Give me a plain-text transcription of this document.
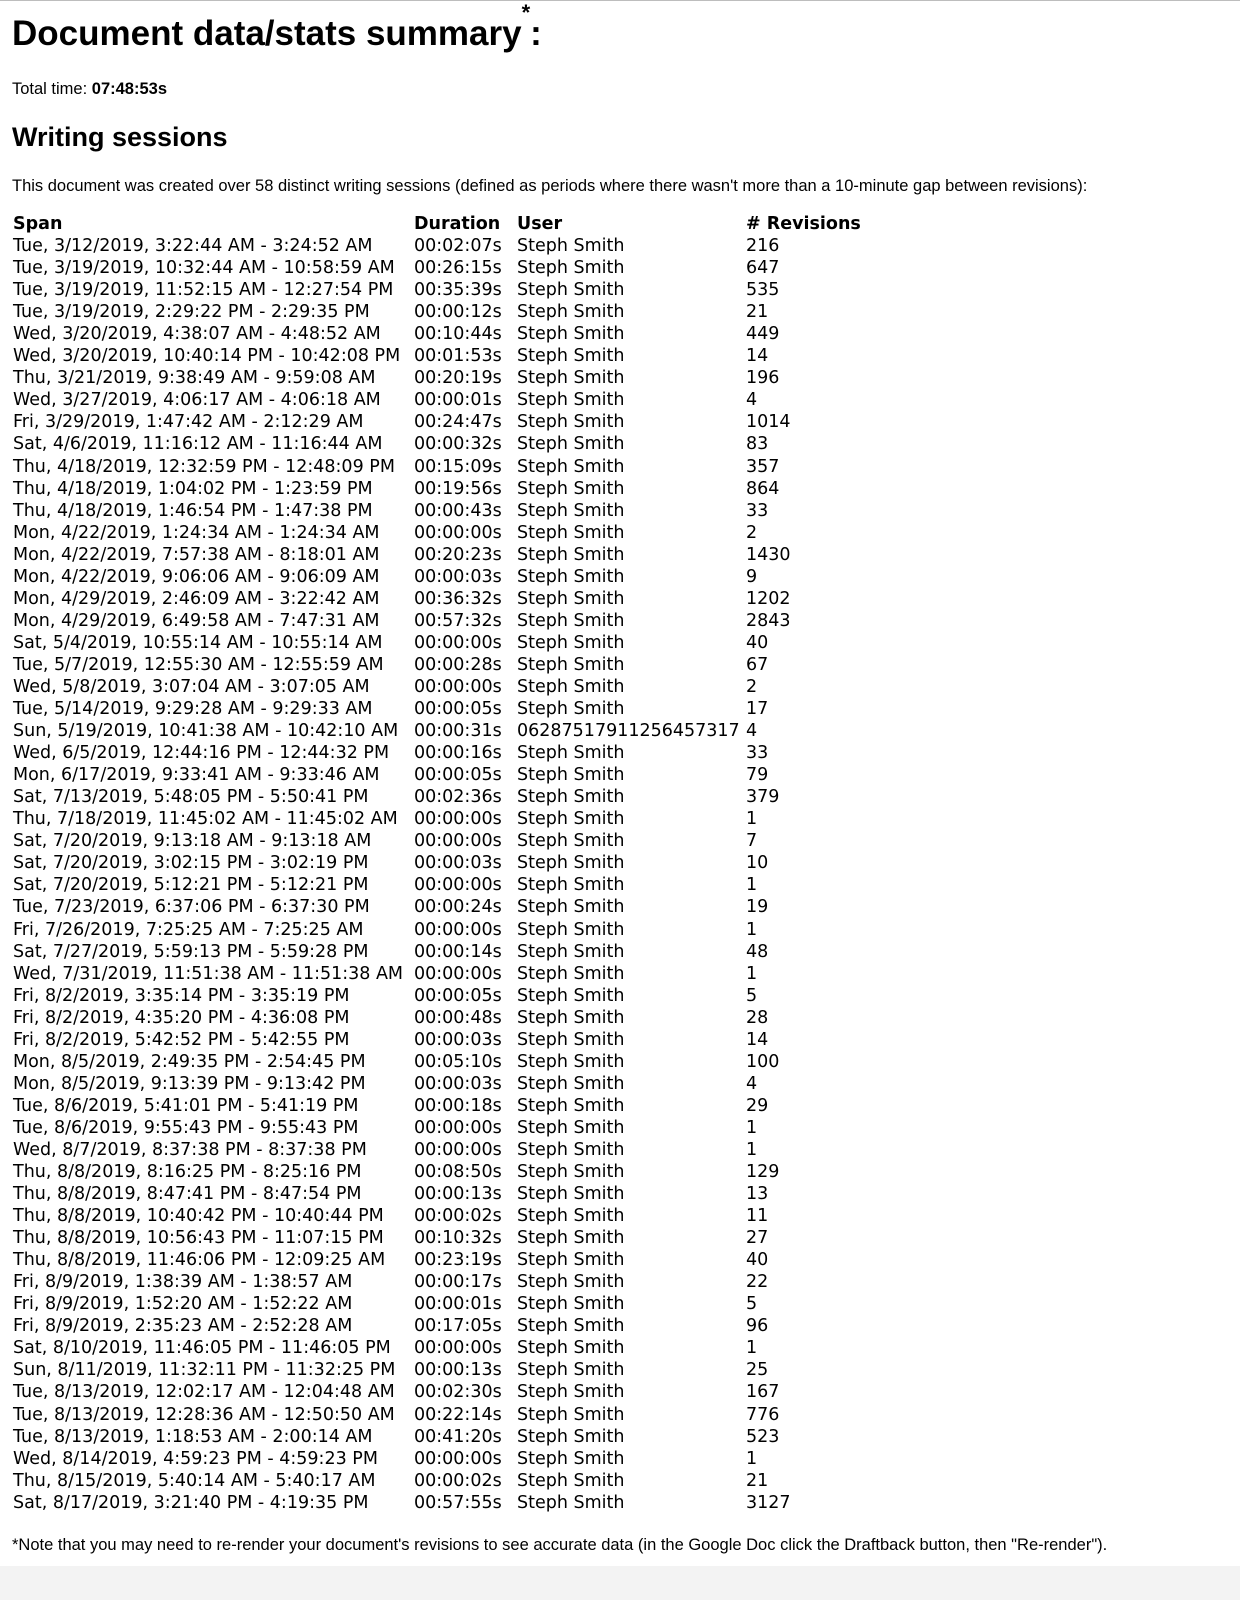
Document data/stats summary*:
Total time: 07:48:53s
Writing sessions
This document was created over 58 distinct writing sessions (defined as periods where there wasn't more than a 10-minute gap between revisions):
Span	Duration	User	# Revisions
Tue, 3/12/2019, 3:22:44 AM - 3:24:52 AM	00:02:07s	Steph Smith	216
Tue, 3/19/2019, 10:32:44 AM - 10:58:59 AM	00:26:15s	Steph Smith	647
Tue, 3/19/2019, 11:52:15 AM - 12:27:54 PM	00:35:39s	Steph Smith	535
Tue, 3/19/2019, 2:29:22 PM - 2:29:35 PM	00:00:12s	Steph Smith	21
Wed, 3/20/2019, 4:38:07 AM - 4:48:52 AM	00:10:44s	Steph Smith	449
Wed, 3/20/2019, 10:40:14 PM - 10:42:08 PM	00:01:53s	Steph Smith	14
Thu, 3/21/2019, 9:38:49 AM - 9:59:08 AM	00:20:19s	Steph Smith	196
Wed, 3/27/2019, 4:06:17 AM - 4:06:18 AM	00:00:01s	Steph Smith	4
Fri, 3/29/2019, 1:47:42 AM - 2:12:29 AM	00:24:47s	Steph Smith	1014
Sat, 4/6/2019, 11:16:12 AM - 11:16:44 AM	00:00:32s	Steph Smith	83
Thu, 4/18/2019, 12:32:59 PM - 12:48:09 PM	00:15:09s	Steph Smith	357
Thu, 4/18/2019, 1:04:02 PM - 1:23:59 PM	00:19:56s	Steph Smith	864
Thu, 4/18/2019, 1:46:54 PM - 1:47:38 PM	00:00:43s	Steph Smith	33
Mon, 4/22/2019, 1:24:34 AM - 1:24:34 AM	00:00:00s	Steph Smith	2
Mon, 4/22/2019, 7:57:38 AM - 8:18:01 AM	00:20:23s	Steph Smith	1430
Mon, 4/22/2019, 9:06:06 AM - 9:06:09 AM	00:00:03s	Steph Smith	9
Mon, 4/29/2019, 2:46:09 AM - 3:22:42 AM	00:36:32s	Steph Smith	1202
Mon, 4/29/2019, 6:49:58 AM - 7:47:31 AM	00:57:32s	Steph Smith	2843
Sat, 5/4/2019, 10:55:14 AM - 10:55:14 AM	00:00:00s	Steph Smith	40
Tue, 5/7/2019, 12:55:30 AM - 12:55:59 AM	00:00:28s	Steph Smith	67
Wed, 5/8/2019, 3:07:04 AM - 3:07:05 AM	00:00:00s	Steph Smith	2
Tue, 5/14/2019, 9:29:28 AM - 9:29:33 AM	00:00:05s	Steph Smith	17
Sun, 5/19/2019, 10:41:38 AM - 10:42:10 AM	00:00:31s	06287517911256457317	4
Wed, 6/5/2019, 12:44:16 PM - 12:44:32 PM	00:00:16s	Steph Smith	33
Mon, 6/17/2019, 9:33:41 AM - 9:33:46 AM	00:00:05s	Steph Smith	79
Sat, 7/13/2019, 5:48:05 PM - 5:50:41 PM	00:02:36s	Steph Smith	379
Thu, 7/18/2019, 11:45:02 AM - 11:45:02 AM	00:00:00s	Steph Smith	1
Sat, 7/20/2019, 9:13:18 AM - 9:13:18 AM	00:00:00s	Steph Smith	7
Sat, 7/20/2019, 3:02:15 PM - 3:02:19 PM	00:00:03s	Steph Smith	10
Sat, 7/20/2019, 5:12:21 PM - 5:12:21 PM	00:00:00s	Steph Smith	1
Tue, 7/23/2019, 6:37:06 PM - 6:37:30 PM	00:00:24s	Steph Smith	19
Fri, 7/26/2019, 7:25:25 AM - 7:25:25 AM	00:00:00s	Steph Smith	1
Sat, 7/27/2019, 5:59:13 PM - 5:59:28 PM	00:00:14s	Steph Smith	48
Wed, 7/31/2019, 11:51:38 AM - 11:51:38 AM	00:00:00s	Steph Smith	1
Fri, 8/2/2019, 3:35:14 PM - 3:35:19 PM	00:00:05s	Steph Smith	5
Fri, 8/2/2019, 4:35:20 PM - 4:36:08 PM	00:00:48s	Steph Smith	28
Fri, 8/2/2019, 5:42:52 PM - 5:42:55 PM	00:00:03s	Steph Smith	14
Mon, 8/5/2019, 2:49:35 PM - 2:54:45 PM	00:05:10s	Steph Smith	100
Mon, 8/5/2019, 9:13:39 PM - 9:13:42 PM	00:00:03s	Steph Smith	4
Tue, 8/6/2019, 5:41:01 PM - 5:41:19 PM	00:00:18s	Steph Smith	29
Tue, 8/6/2019, 9:55:43 PM - 9:55:43 PM	00:00:00s	Steph Smith	1
Wed, 8/7/2019, 8:37:38 PM - 8:37:38 PM	00:00:00s	Steph Smith	1
Thu, 8/8/2019, 8:16:25 PM - 8:25:16 PM	00:08:50s	Steph Smith	129
Thu, 8/8/2019, 8:47:41 PM - 8:47:54 PM	00:00:13s	Steph Smith	13
Thu, 8/8/2019, 10:40:42 PM - 10:40:44 PM	00:00:02s	Steph Smith	11
Thu, 8/8/2019, 10:56:43 PM - 11:07:15 PM	00:10:32s	Steph Smith	27
Thu, 8/8/2019, 11:46:06 PM - 12:09:25 AM	00:23:19s	Steph Smith	40
Fri, 8/9/2019, 1:38:39 AM - 1:38:57 AM	00:00:17s	Steph Smith	22
Fri, 8/9/2019, 1:52:20 AM - 1:52:22 AM	00:00:01s	Steph Smith	5
Fri, 8/9/2019, 2:35:23 AM - 2:52:28 AM	00:17:05s	Steph Smith	96
Sat, 8/10/2019, 11:46:05 PM - 11:46:05 PM	00:00:00s	Steph Smith	1
Sun, 8/11/2019, 11:32:11 PM - 11:32:25 PM	00:00:13s	Steph Smith	25
Tue, 8/13/2019, 12:02:17 AM - 12:04:48 AM	00:02:30s	Steph Smith	167
Tue, 8/13/2019, 12:28:36 AM - 12:50:50 AM	00:22:14s	Steph Smith	776
Tue, 8/13/2019, 1:18:53 AM - 2:00:14 AM	00:41:20s	Steph Smith	523
Wed, 8/14/2019, 4:59:23 PM - 4:59:23 PM	00:00:00s	Steph Smith	1
Thu, 8/15/2019, 5:40:14 AM - 5:40:17 AM	00:00:02s	Steph Smith	21
Sat, 8/17/2019, 3:21:40 PM - 4:19:35 PM	00:57:55s	Steph Smith	3127
*Note that you may need to re-render your document's revisions to see accurate data (in the Google Doc click the Draftback button, then "Re-render").
